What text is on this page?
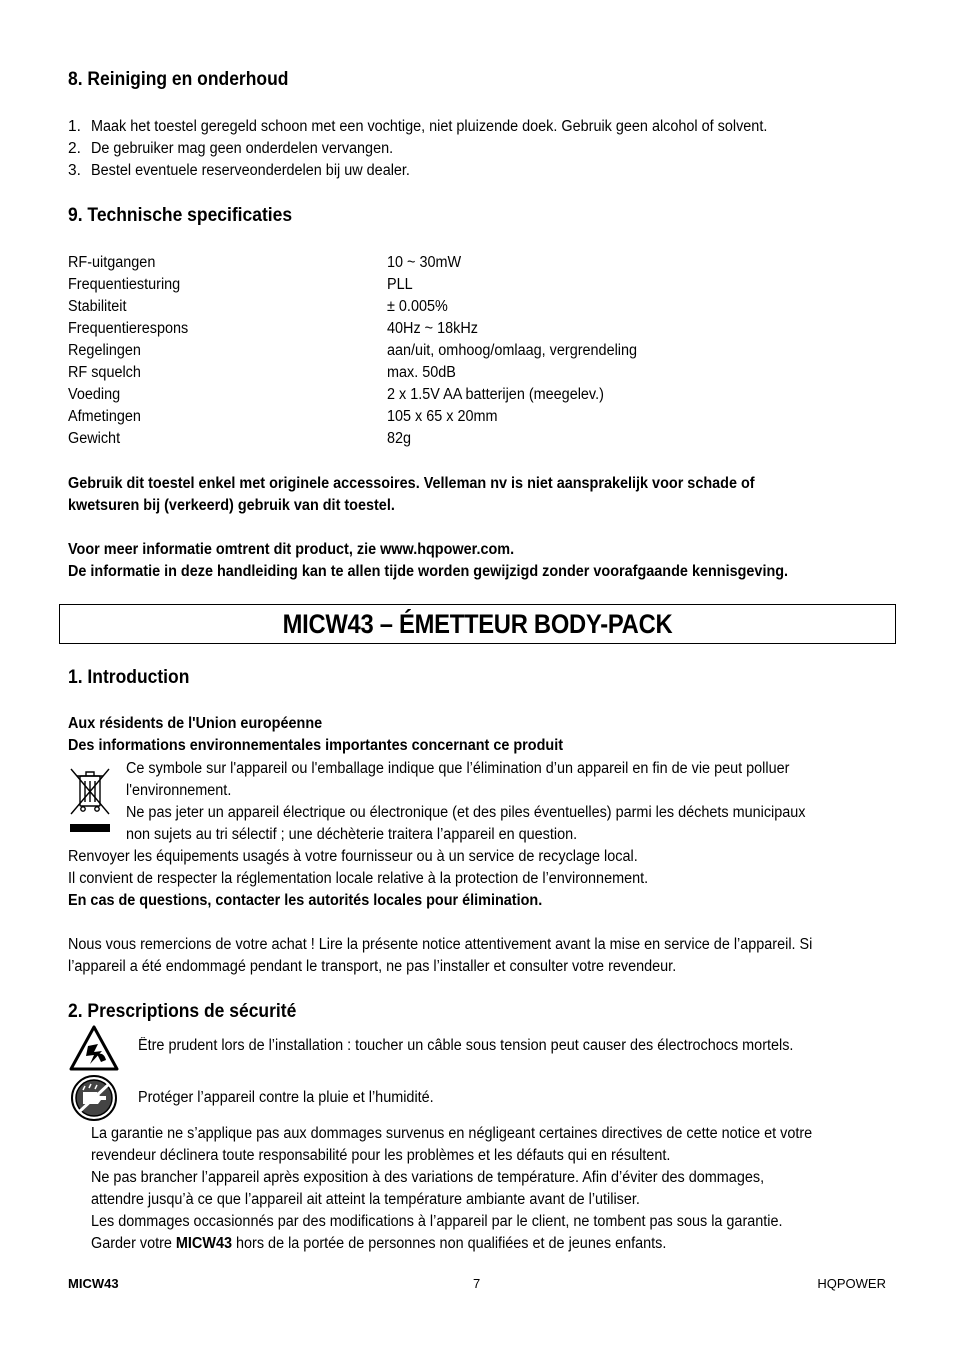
8. Reiniging en onderhoud
1. Maak het toestel geregeld schoon met een vochtige, niet pluizende doek. Gebruik geen alcohol of solvent.
2. De gebruiker mag geen onderdelen vervangen.
3. Bestel eventuele reserveonderdelen bij uw dealer.
9. Technische specificaties
RF-uitgangen	10 ~ 30mW
Frequentiesturing	PLL
Stabiliteit	± 0.005%
Frequentierespons	40Hz ~ 18kHz
Regelingen	aan/uit, omhoog/omlaag, vergrendeling
RF squelch	max. 50dB
Voeding	2 x 1.5V AA batterijen (meegelev.)
Afmetingen	105 x 65 x 20mm
Gewicht	82g
Gebruik dit toestel enkel met originele accessoires. Velleman nv is niet aansprakelijk voor schade of
kwetsuren bij (verkeerd) gebruik van dit toestel.
Voor meer informatie omtrent dit product, zie www.hqpower.com.
De informatie in deze handleiding kan te allen tijde worden gewijzigd zonder voorafgaande kennisgeving.
MICW43 – ÉMETTEUR BODY-PACK
1. Introduction
Aux résidents de l'Union européenne
Des informations environnementales importantes concernant ce produit
Ce symbole sur l'appareil ou l'emballage indique que l’élimination d’un appareil en fin de vie peut polluer
l'environnement.
Ne pas jeter un appareil électrique ou électronique (et des piles éventuelles) parmi les déchets municipaux
non sujets au tri sélectif ; une déchèterie traitera l’appareil en question.
Renvoyer les équipements usagés à votre fournisseur ou à un service de recyclage local.
Il convient de respecter la réglementation locale relative à la protection de l’environnement.
En cas de questions, contacter les autorités locales pour élimination.
Nous vous remercions de votre achat ! Lire la présente notice attentivement avant la mise en service de l’appareil. Si
l’appareil a été endommagé pendant le transport, ne pas l’installer et consulter votre revendeur.
2. Prescriptions de sécurité
Être prudent lors de l’installation : toucher un câble sous tension peut causer des électrochocs mortels.
Protéger l’appareil contre la pluie et l’humidité.
La garantie ne s’applique pas aux dommages survenus en négligeant certaines directives de cette notice et votre
revendeur déclinera toute responsabilité pour les problèmes et les défauts qui en résultent.
Ne pas brancher l’appareil après exposition à des variations de température. Afin d’éviter des dommages,
attendre jusqu’à ce que l’appareil ait atteint la température ambiante avant de l’utiliser.
Les dommages occasionnés par des modifications à l’appareil par le client, ne tombent pas sous la garantie.
Garder votre MICW43 hors de la portée de personnes non qualifiées et de jeunes enfants.
MICW43	7	HQPOWER
